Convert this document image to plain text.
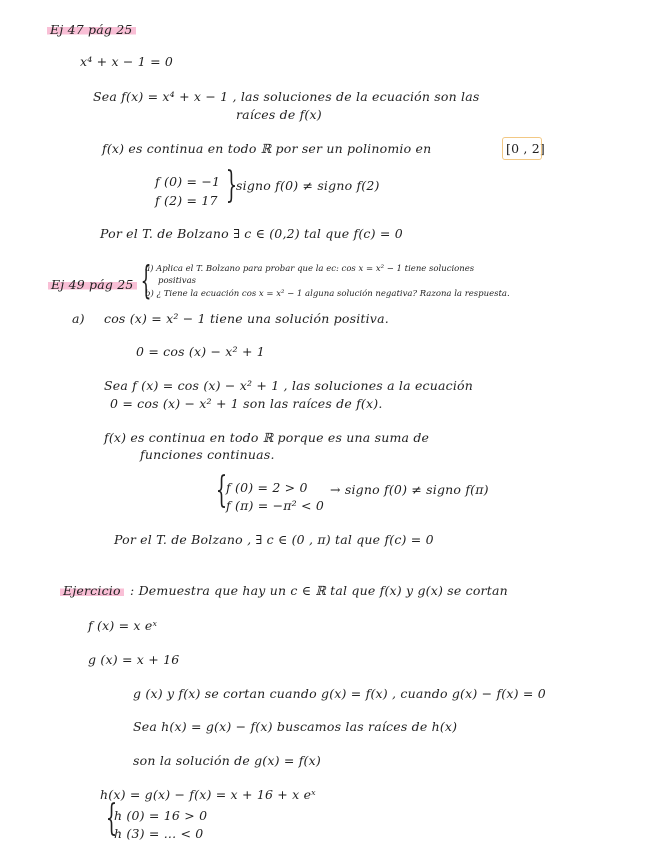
Ej 47 pág 25
x⁴ + x − 1 = 0
Sea f(x) = x⁴ + x − 1 , las soluciones de la ecuación son las
raíces de f(x)
f(x) es continua en todo ℝ por ser un polinomio en	[0 , 2]
f (0) = −1
f (2) = 17 }
signo f(0) ≠ signo f(2)
Por el T. de Bolzano ∃ c ∈ (0,2) tal que f(c) = 0
Ej 49 pág 25 {
a) Aplica el T. Bolzano para probar que la ec: cos x = x² − 1 tiene soluciones
positivas
b) ¿ Tiene la ecuación cos x = x² − 1 alguna solución negativa? Razona la respuesta.
a) cos (x) = x² − 1 tiene una solución positiva.
0 = cos (x) − x² + 1
Sea f (x) = cos (x) − x² + 1 , las soluciones a la ecuación
0 = cos (x) − x² + 1 son las raíces de f(x).
f(x) es continua en todo ℝ porque es una suma de
funciones continuas.
{
f (0) = 2 > 0
f (π) = −π² < 0
→ signo f(0) ≠ signo f(π)
Por el T. de Bolzano , ∃ c ∈ (0 , π) tal que f(c) = 0
Ejercicio : Demuestra que hay un c ∈ ℝ tal que f(x) y g(x) se cortan
f (x) = x eˣ
g (x) = x + 16
g (x) y f(x) se cortan cuando g(x) = f(x) , cuando g(x) − f(x) = 0
Sea h(x) = g(x) − f(x) buscamos las raíces de h(x)
son la solución de g(x) = f(x)
h(x) = g(x) − f(x) = x + 16 + x eˣ
{
h (0) = 16 > 0
h (3) = ... < 0
